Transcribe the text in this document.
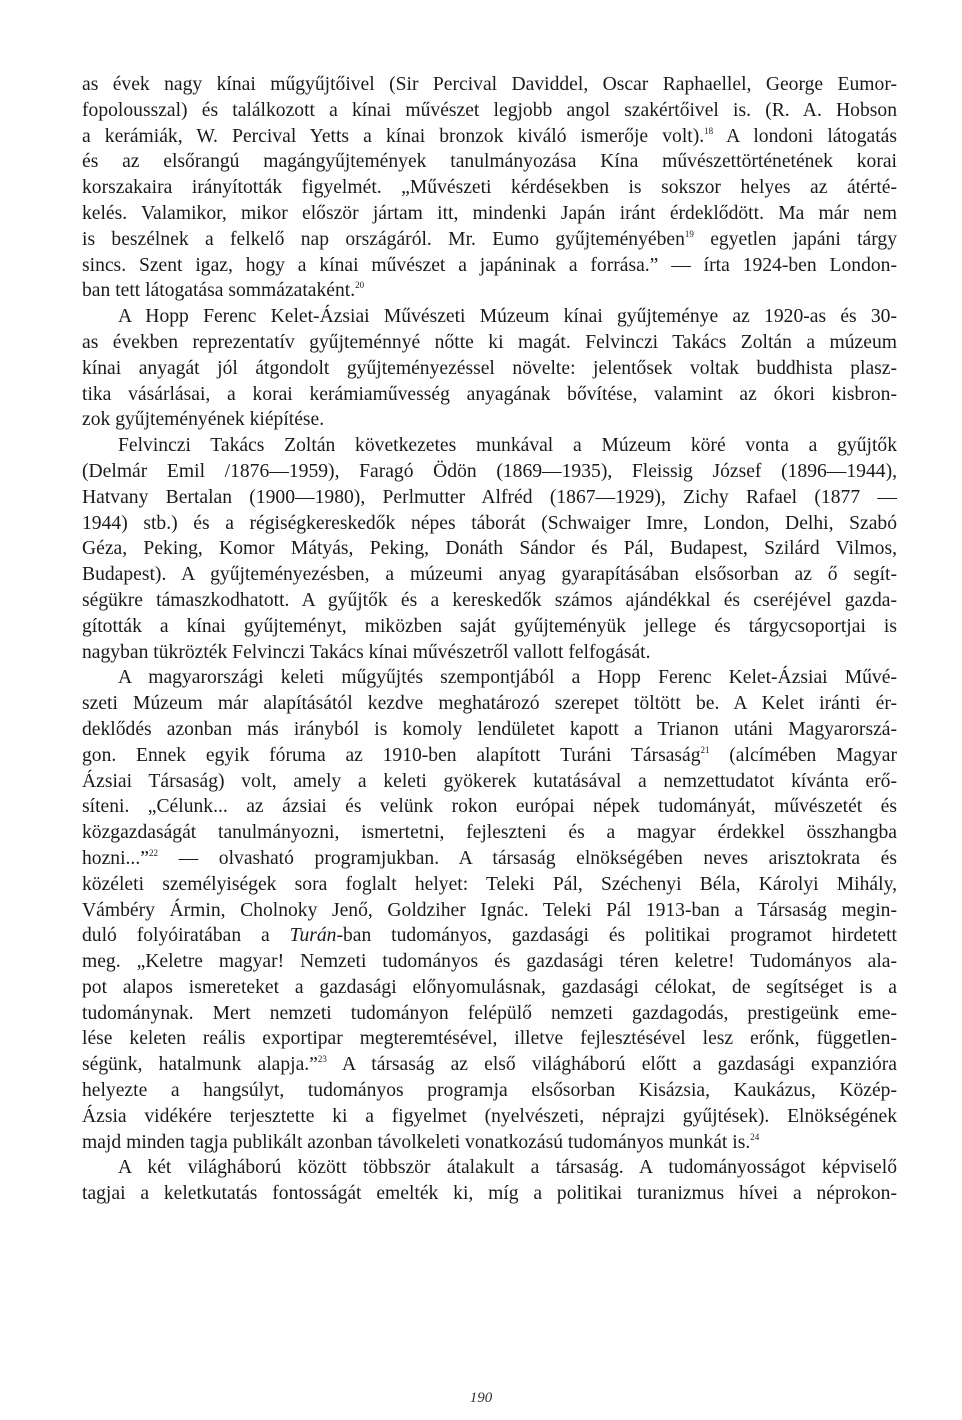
as évek nagy kínai műgyűjtőivel (Sir Percival Daviddel, Oscar Raphaellel, George Eumor-
fopolousszal) és találkozott a kínai művészet legjobb angol szakértőivel is. (R. A. Hobson
a kerámiák, W. Percival Yetts a kínai bronzok kiváló ismerője volt).$^{18}$ A londoni látogatás
és az elsőrangú magángyűjtemények tanulmányozása Kína művészettörténetének korai
korszakaira irányították figyelmét. „Művészeti kérdésekben is sokszor helyes az átérté-
kelés. Valamikor, mikor először jártam itt, mindenki Japán iránt érdeklődött. Ma már nem
is beszélnek a felkelő nap országáról. Mr. Eumo gyűjteményében$^{19}$ egyetlen japáni tárgy
sincs. Szent igaz, hogy a kínai művészet a japáninak a forrása.” — írta 1924-ben London-
ban tett látogatása sommázataként.$^{20}$
A Hopp Ferenc Kelet-Ázsiai Művészeti Múzeum kínai gyűjteménye az 1920-as és 30-
as években reprezentatív gyűjteménnyé nőtte ki magát. Felvinczi Takács Zoltán a múzeum
kínai anyagát jól átgondolt gyűjteményezéssel növelte: jelentősek voltak buddhista plasz-
tika vásárlásai, a korai kerámiaművesség anyagának bővítése, valamint az ókori kisbron-
zok gyűjteményének kiépítése.
Felvinczi Takács Zoltán következetes munkával a Múzeum köré vonta a gyűjtők
(Delmár Emil /1876—1959), Faragó Ödön (1869—1935), Fleissig József (1896—1944),
Hatvany Bertalan (1900—1980), Perlmutter Alfréd (1867—1929), Zichy Rafael (1877 —
1944) stb.) és a régiségkereskedők népes táborát (Schwaiger Imre, London, Delhi, Szabó
Géza, Peking, Komor Mátyás, Peking, Donáth Sándor és Pál, Budapest, Szilárd Vilmos,
Budapest). A gyűjteményezésben, a múzeumi anyag gyarapításában elsősorban az ő segít-
ségükre támaszkodhatott. A gyűjtők és a kereskedők számos ajándékkal és cseréjével gazda-
gították a kínai gyűjteményt, miközben saját gyűjteményük jellege és tárgycsoportjai is
nagyban tükrözték Felvinczi Takács kínai művészetről vallott felfogását.
A magyarországi keleti műgyűjtés szempontjából a Hopp Ferenc Kelet-Ázsiai Művé-
szeti Múzeum már alapításától kezdve meghatározó szerepet töltött be. A Kelet iránti ér-
deklődés azonban más irányból is komoly lendületet kapott a Trianon utáni Magyarorszá-
gon. Ennek egyik fóruma az 1910-ben alapított Turáni Társaság$^{21}$ (alcímében Magyar
Ázsiai Társaság) volt, amely a keleti gyökerek kutatásával a nemzettudatot kívánta erő-
síteni. „Célunk... az ázsiai és velünk rokon európai népek tudományát, művészetét és
közgazdaságát tanulmányozni, ismertetni, fejleszteni és a magyar érdekkel összhangba
hozni...”$^{22}$ — olvasható programjukban. A társaság elnökségében neves arisztokrata és
közéleti személyiségek sora foglalt helyet: Teleki Pál, Széchenyi Béla, Károlyi Mihály,
Vámbéry Ármin, Cholnoky Jenő, Goldziher Ignác. Teleki Pál 1913-ban a Társaság megin-
duló folyóiratában a Turán-ban tudományos, gazdasági és politikai programot hirdetett
meg. „Keletre magyar! Nemzeti tudományos és gazdasági téren keletre! Tudományos ala-
pot alapos ismereteket a gazdasági előnyomulásnak, gazdasági célokat, de segítséget is a
tudománynak. Mert nemzeti tudományon felépülő nemzeti gazdagodás, prestigeünk eme-
lése keleten reális exportipar megteremtésével, illetve fejlesztésével lesz erőnk, független-
ségünk, hatalmunk alapja.”$^{23}$ A társaság az első világháború előtt a gazdasági expanzióra
helyezte a hangsúlyt, tudományos programja elsősorban Kisázsia, Kaukázus, Közép-
Ázsia vidékére terjesztette ki a figyelmet (nyelvészeti, néprajzi gyűjtések). Elnökségének
majd minden tagja publikált azonban távolkeleti vonatkozású tudományos munkát is.$^{24}$
A két világháború között többször átalakult a társaság. A tudományosságot képviselő
tagjai a keletkutatás fontosságát emelték ki, míg a politikai turanizmus hívei a néprokon-
190
